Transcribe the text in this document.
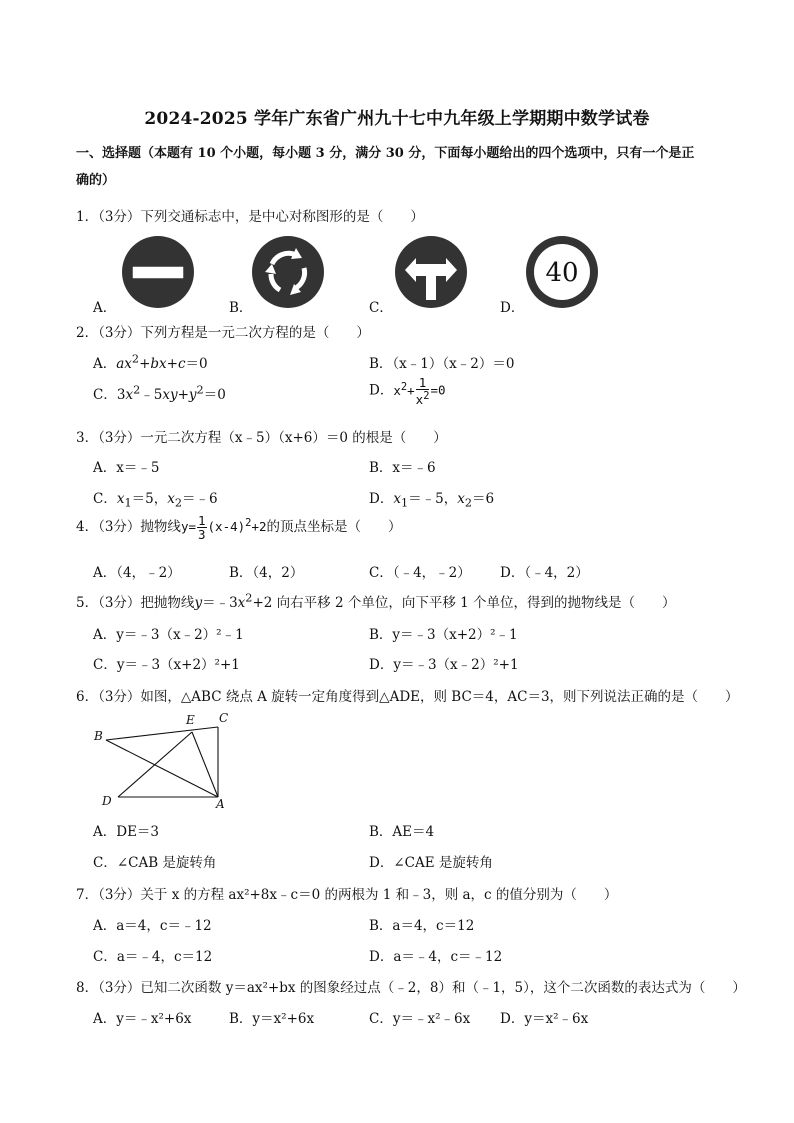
2024-2025 学年广东省广州九十七中九年级上学期期中数学试卷
一、选择题（本题有 10 个小题，每小题 3 分，满分 30 分，下面每小题给出的四个选项中，只有一个是正
确的）
1．（3分）下列交通标志中，是中心对称图形的是（　　）
40
A．	B．	C．	D．
2．（3分）下列方程是一元二次方程的是（　　）
A．$ax^2+bx+c=0$	B．（x﹣1）（x﹣2）＝0
C．$3x^2﹣5xy+y^2=0$	D．$x^2+ \frac{1}{x^2} =0$
3．（3分）一元二次方程（x﹣5）（x+6）＝0 的根是（　　）
A．x＝﹣5	B．x＝﹣6
C．$x_1=5$，$x_2=﹣6$	D．$x_1=﹣5$，$x_2=6$
4．（3分）抛物线$y= \frac{1}{3} (x-4)^2+2$的顶点坐标是（　　）
A．（4，﹣2）	B．（4，2）	C．（﹣4，﹣2） D．（﹣4，2）
5．（3分）把抛物线$y=﹣3x^2+2$ 向右平移 2 个单位，向下平移 1 个单位，得到的抛物线是（　　）
A．y＝﹣3（x﹣2）²﹣1	B．y＝﹣3（x+2）²﹣1
C．y＝﹣3（x+2）²+1	D．y＝﹣3（x﹣2）²+1
6．（3分）如图，△ABC 绕点 A 旋转一定角度得到△ADE，则 BC＝4，AC＝3，则下列说法正确的是（　　）
B
E C
D	A
A．DE＝3	B．AE＝4
C．∠CAB 是旋转角	D．∠CAE 是旋转角
7．（3分）关于 x 的方程 ax²+8x﹣c＝0 的两根为 1 和﹣3，则 a，c 的值分别为（　　）
A．a＝4，c＝﹣12	B．a＝4，c＝12
C．a＝﹣4，c＝12	D．a＝﹣4，c＝﹣12
8．（3分）已知二次函数 y＝ax²+bx 的图象经过点（﹣2，8）和（﹣1，5），这个二次函数的表达式为（　　）
A．y＝﹣x²+6x	B．y＝x²+6x	C．y＝﹣x²﹣6x D．y＝x²﹣6x
